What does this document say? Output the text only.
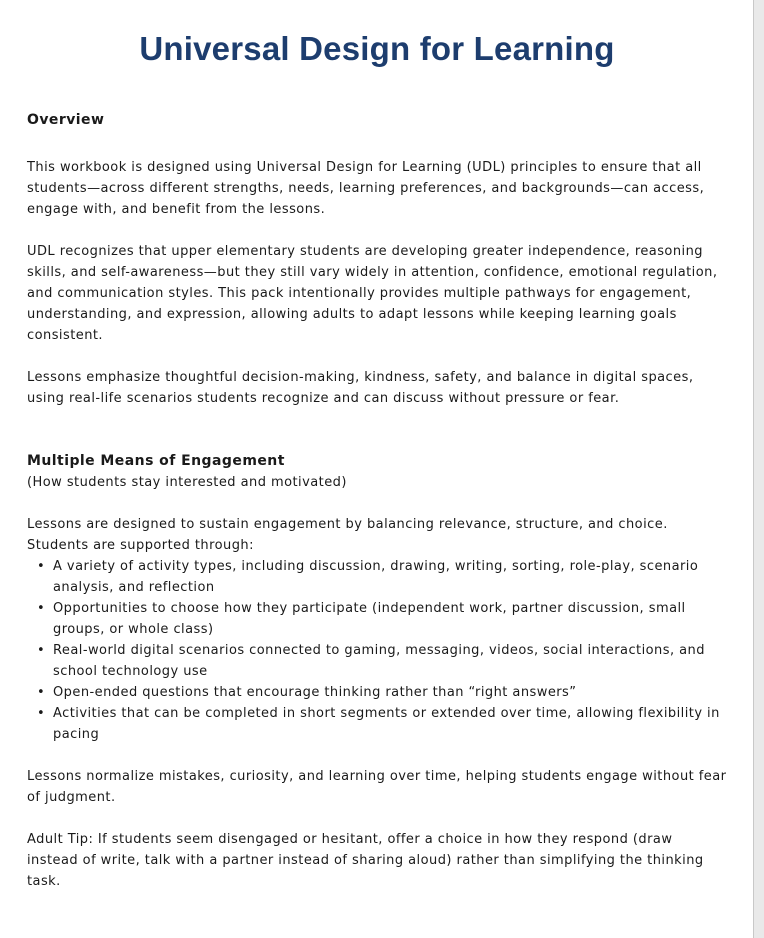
Universal Design for Learning
Overview

This workbook is designed using Universal Design for Learning (UDL) principles to ensure that all students—across different strengths, needs, learning preferences, and backgrounds—can access, engage with, and benefit from the lessons.

UDL recognizes that upper elementary students are developing greater independence, reasoning skills, and self-awareness—but they still vary widely in attention, confidence, emotional regulation, and communication styles. This pack intentionally provides multiple pathways for engagement, understanding, and expression, allowing adults to adapt lessons while keeping learning goals consistent.

Lessons emphasize thoughtful decision-making, kindness, safety, and balance in digital spaces, using real-life scenarios students recognize and can discuss without pressure or fear.

Multiple Means of Engagement

(How students stay interested and motivated)

Lessons are designed to sustain engagement by balancing relevance, structure, and choice.

Students are supported through:

• A variety of activity types, including discussion, drawing, writing, sorting, role-play, scenario analysis, and reflection
• Opportunities to choose how they participate (independent work, partner discussion, small groups, or whole class)
• Real-world digital scenarios connected to gaming, messaging, videos, social interactions, and school technology use
• Open-ended questions that encourage thinking rather than “right answers”
• Activities that can be completed in short segments or extended over time, allowing flexibility in pacing

Lessons normalize mistakes, curiosity, and learning over time, helping students engage without fear of judgment.

Adult Tip: If students seem disengaged or hesitant, offer a choice in how they respond (draw instead of write, talk with a partner instead of sharing aloud) rather than simplifying the thinking task.
